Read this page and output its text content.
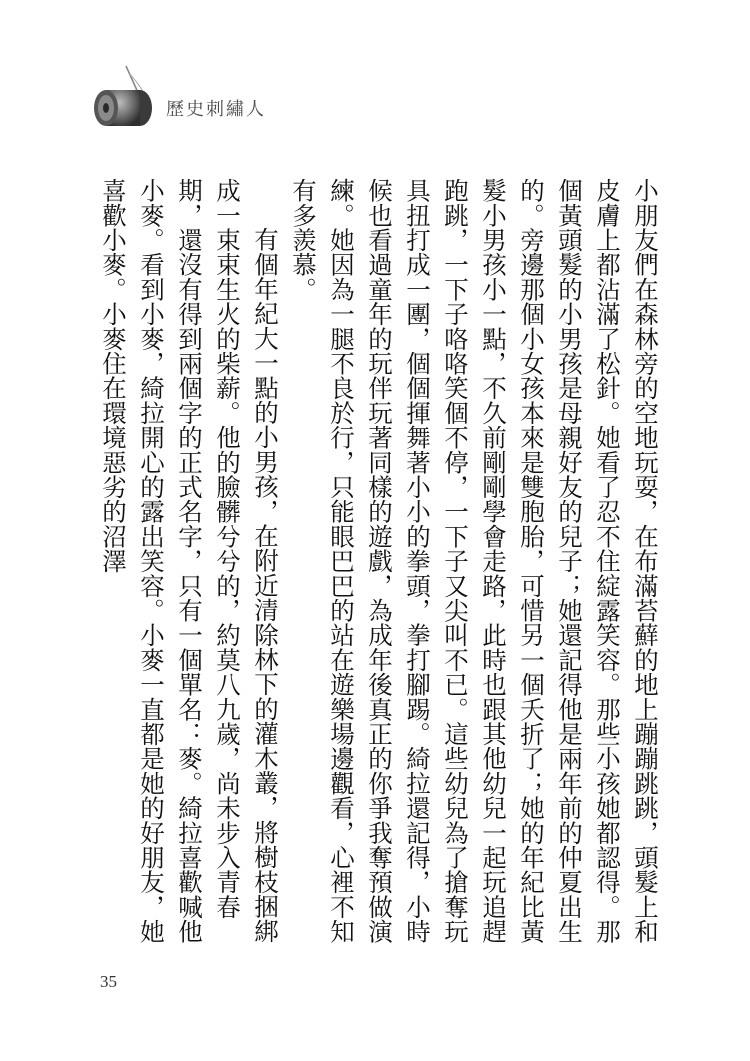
歷史刺繡人

小朋友們在森林旁的空地玩耍，在布滿苔蘚的地上蹦蹦跳跳，頭髮上和皮膚上都沾滿了松針。她看了忍不住綻露笑容。那些小孩她都認得。那個黃頭髮的小男孩是母親好友的兒子；她還記得他是兩年前的仲夏出生的。旁邊那個小女孩本來是雙胞胎，可惜另一個夭折了；她的年紀比黃髮小男孩小一點，不久前剛剛學會走路，此時也跟其他幼兒一起玩追趕跑跳，一下子咯咯笑個不停，一下子又尖叫不已。這些幼兒為了搶奪玩具扭打成一團，個個揮舞著小小的拳頭，拳打腳踢。綺拉還記得，小時候也看過童年的玩伴玩著同樣的遊戲，為成年後真正的你爭我奪預做演練。她因為一腿不良於行，只能眼巴巴的站在遊樂場邊觀看，心裡不知有多羨慕。

有個年紀大一點的小男孩，在附近清除林下的灌木叢，將樹枝捆綁成一束束生火的柴薪。他的臉髒兮兮的，約莫八九歲，尚未步入青春期，還沒有得到兩個字的正式名字，只有一個單名：麥。綺拉喜歡喊他小麥。看到小麥，綺拉開心的露出笑容。小麥一直都是她的好朋友，她喜歡小麥。小麥住在環境惡劣的沼澤

35
